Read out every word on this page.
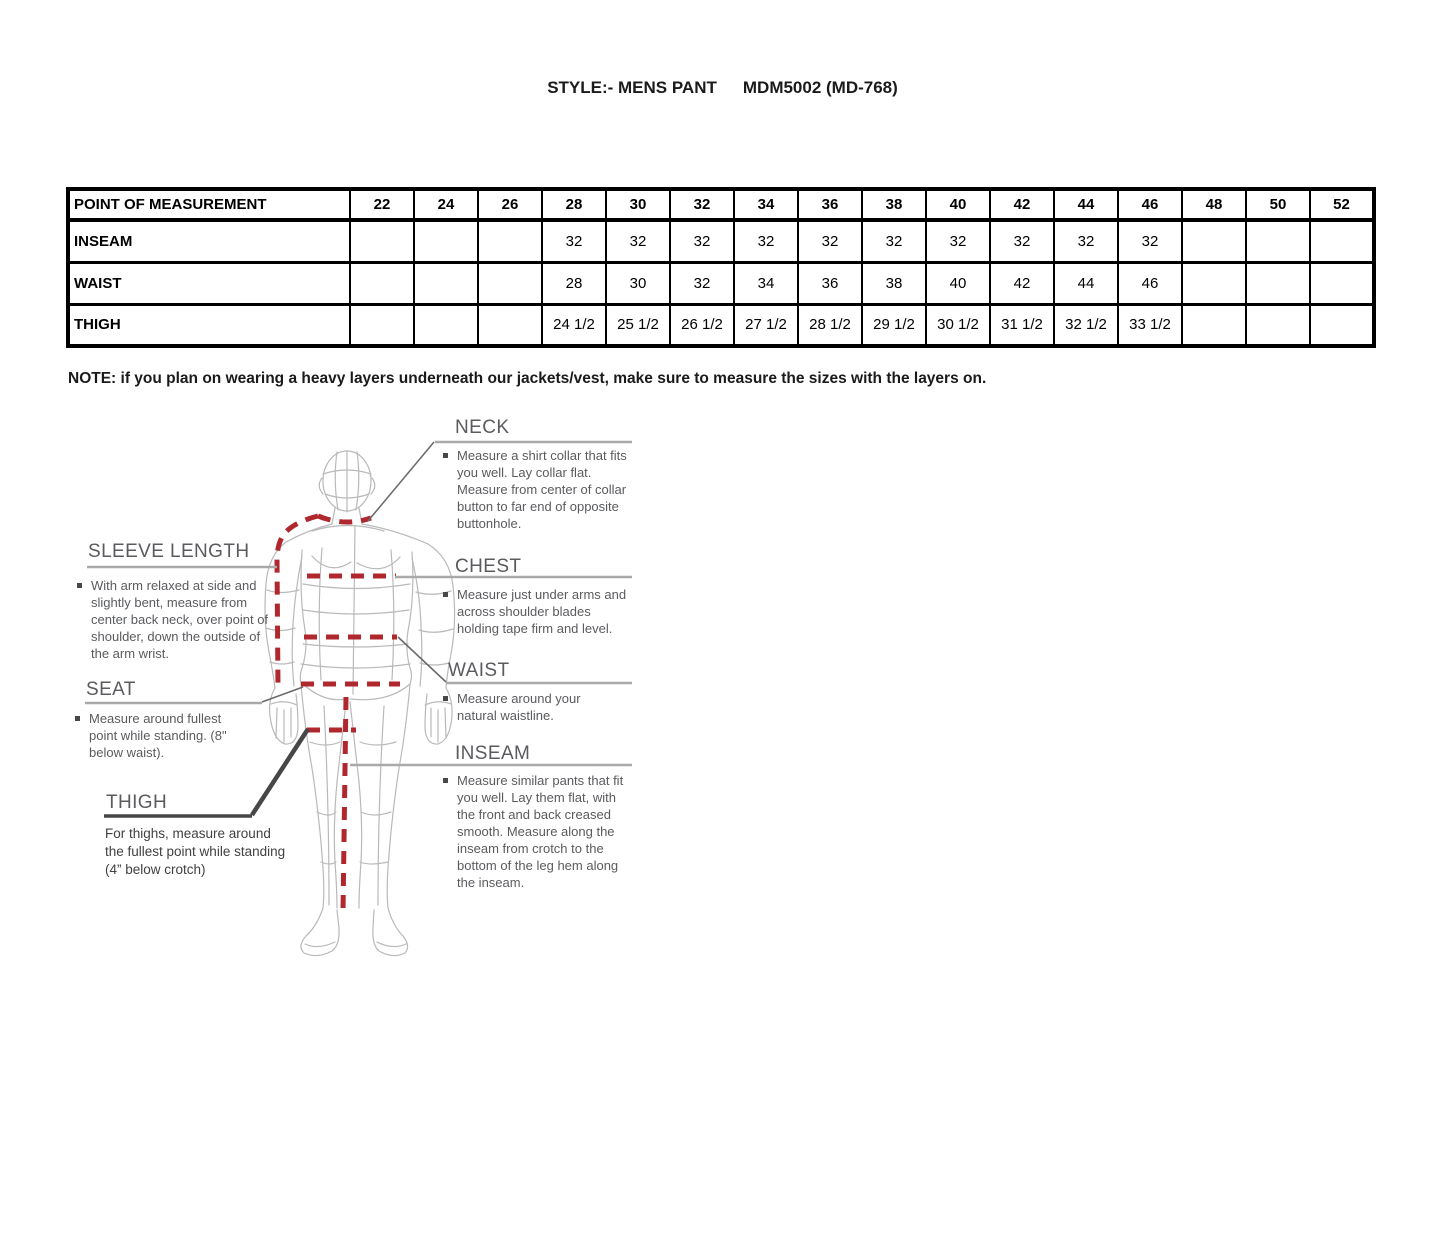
STYLE:- MENS PANT MDM5002 (MD-768)
POINT OF MEASUREMENT	22	24	26	28	30	32	34	36	38	40	42	44	46	48	50	52
INSEAM				32	32	32	32	32	32	32	32	32	32			
WAIST				28	30	32	34	36	38	40	42	44	46			
THIGH				24 1/2	25 1/2	26 1/2	27 1/2	28 1/2	29 1/2	30 1/2	31 1/2	32 1/2	33 1/2			
NOTE: if you plan on wearing a heavy layers underneath our jackets/vest, make sure to measure the sizes with the layers on.
NECK
Measure a shirt collar that fits you well. Lay collar flat. Measure from center of collar button to far end of opposite buttonhole.
SLEEVE LENGTH
With arm relaxed at side and slightly bent, measure from center back neck, over point of shoulder, down the outside of the arm wrist.
CHEST
Measure just under arms and across shoulder blades holding tape firm and level.
WAIST
Measure around your natural waistline.
SEAT
Measure around fullest point while standing. (8" below waist).	INSEAM
Measure similar pants that fit you well. Lay them flat, with the front and back creased smooth. Measure along the inseam from crotch to the bottom of the leg hem along the inseam.
THIGH
For thighs, measure around the fullest point while standing (4” below crotch)
